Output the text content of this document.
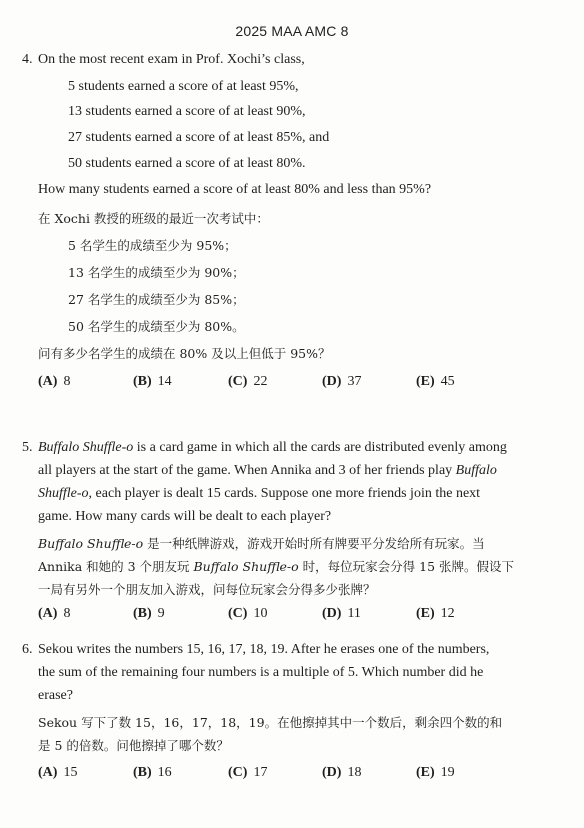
2025 MAA AMC 8
4. On the most recent exam in Prof. Xochi’s class,
5 students earned a score of at least 95%,
13 students earned a score of at least 90%,
27 students earned a score of at least 85%, and
50 students earned a score of at least 80%.
How many students earned a score of at least 80% and less than 95%?
在 Xochi 教授的班级的最近一次考试中：
5 名学生的成绩至少为 95%；
13 名学生的成绩至少为 90%；
27 名学生的成绩至少为 85%；
50 名学生的成绩至少为 80%。
问有多少名学生的成绩在 80% 及以上但低于 95%？
(A) 8	(B) 14	(C) 22	(D) 37	(E) 45
5. Buffalo Shuffle-o is a card game in which all the cards are distributed evenly among
all players at the start of the game. When Annika and 3 of her friends play Buffalo
Shuffle-o, each player is dealt 15 cards. Suppose one more friends join the next
game. How many cards will be dealt to each player?
Buffalo Shuffle-o 是一种纸牌游戏，游戏开始时所有牌要平分发给所有玩家。当
Annika 和她的 3 个朋友玩 Buffalo Shuffle-o 时，每位玩家会分得 15 张牌。假设下
一局有另外一个朋友加入游戏，问每位玩家会分得多少张牌？
(A) 8	(B) 9	(C) 10	(D) 11	(E) 12
6. Sekou writes the numbers 15, 16, 17, 18, 19. After he erases one of the numbers,
the sum of the remaining four numbers is a multiple of 5. Which number did he
erase?
Sekou 写下了数 15，16，17，18，19。在他擦掉其中一个数后，剩余四个数的和
是 5 的倍数。问他擦掉了哪个数？
(A) 15	(B) 16	(C) 17	(D) 18	(E) 19
